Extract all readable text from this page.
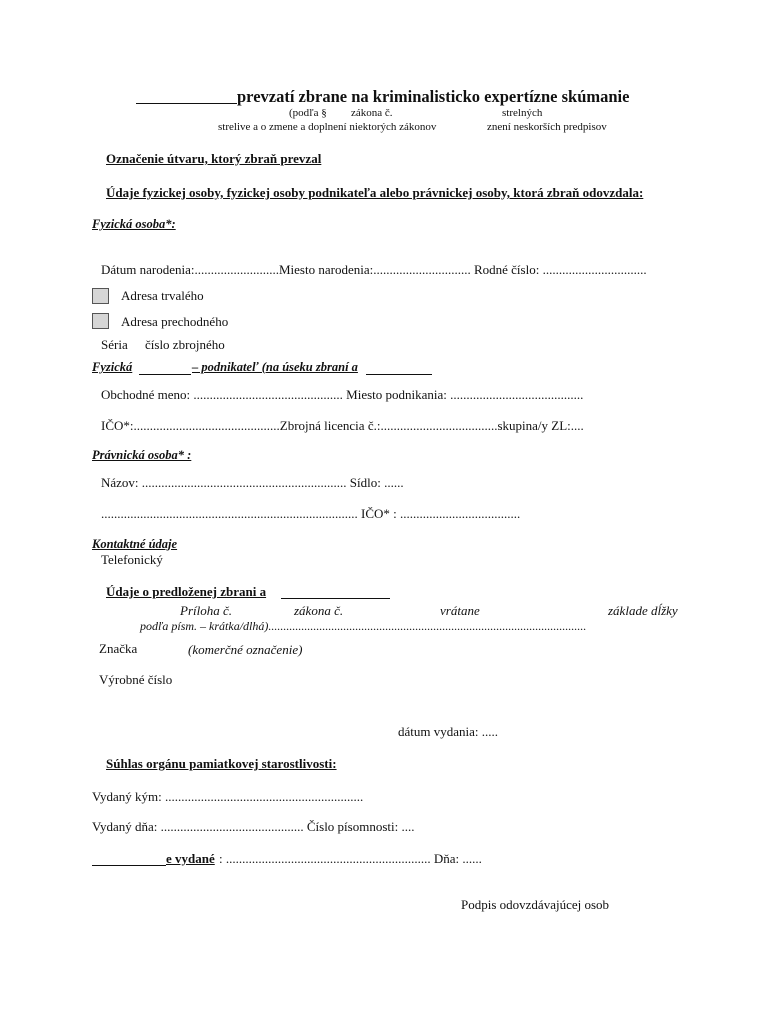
prevzatí zbrane na kriminalisticko expertízne skúmanie
(podľa § zákona č.	strelných
strelive a o zmene a doplnení niektorých zákonov	znení neskorších predpisov
Označenie útvaru, ktorý zbraň prevzal
Údaje fyzickej osoby, fyzickej osoby podnikateľa alebo právnickej osoby, ktorá zbraň odovzdala:
Fyzická osoba*:
Dátum narodenia:..........................Miesto narodenia:.............................. Rodné číslo: ................................
Adresa trvalého
Adresa prechodného
Séria číslo zbrojného
Fyzická	– podnikateľ (na úseku zbraní a
Obchodné meno: .............................................. Miesto podnikania: .........................................
IČO*:.............................................Zbrojná licencia č.:....................................skupina/y ZL:....
Právnická osoba* :
Názov: ............................................................... Sídlo: ......
............................................................................... IČO* : .....................................
Kontaktné údaje
Telefonický
Údaje o predloženej zbrani a
Príloha č.	zákona č.	vrátane	základe dĺžky
podľa písm. – krátka/dlhá)..........................................................................................................
Značka	(komerčné označenie)
Výrobné číslo
dátum vydania: .....
Súhlas orgánu pamiatkovej starostlivosti:
Vydaný kým: .............................................................
Vydaný dňa: ............................................ Číslo písomnosti: ....
e vydané : ............................................................... Dňa: ......
Podpis odovzdávajúcej osob
